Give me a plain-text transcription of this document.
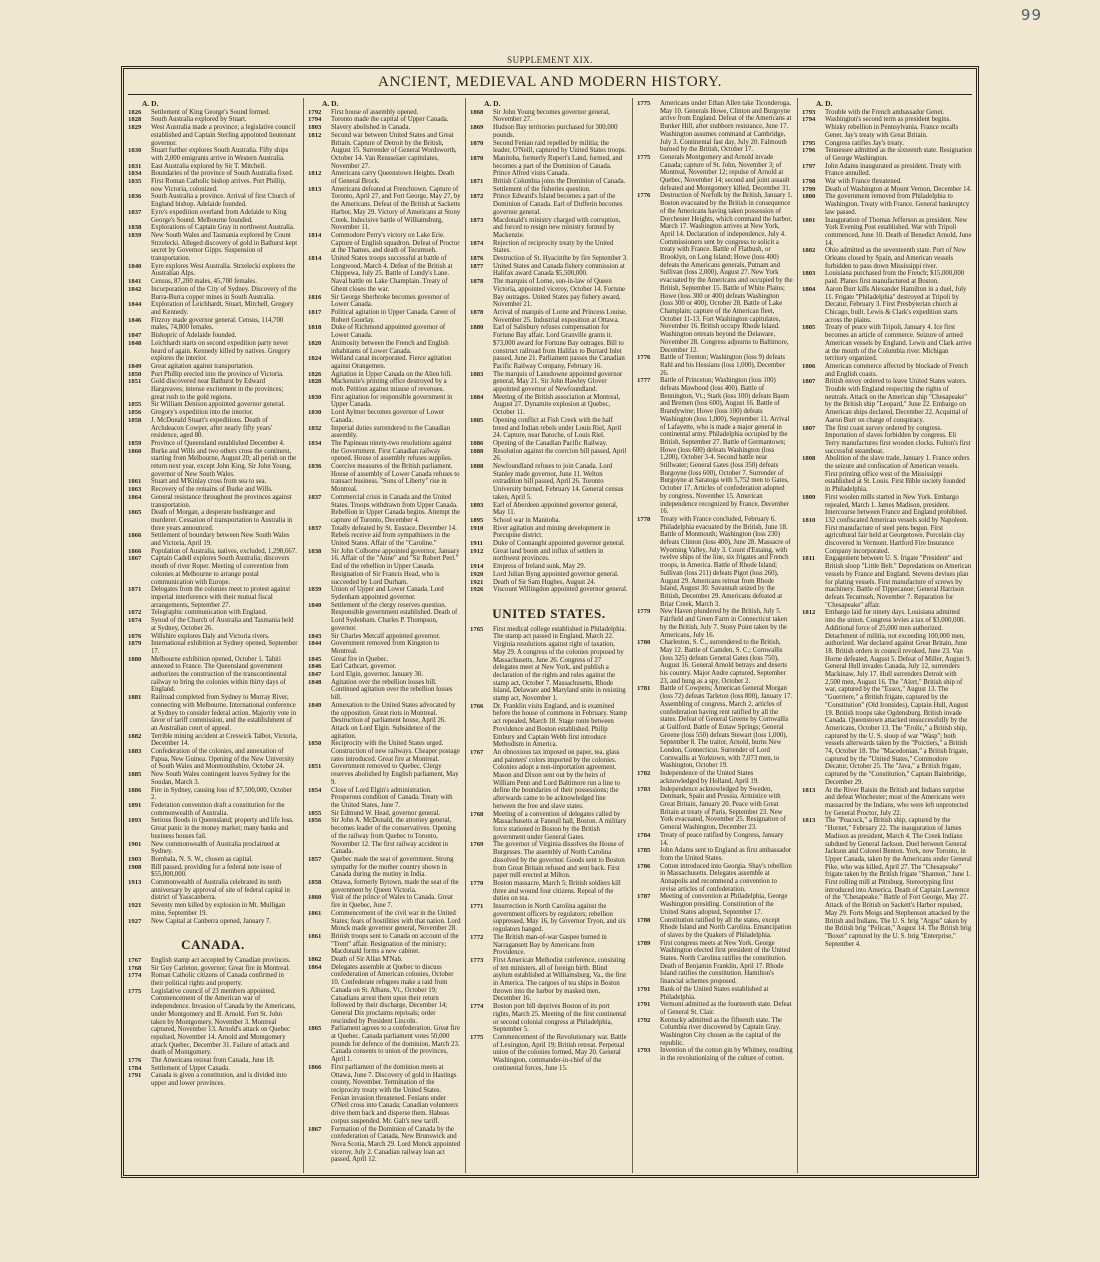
99
SUPPLEMENT XIX.
ANCIENT, MEDIEVAL AND MODERN HISTORY.
A. D.
1826	Settlement of King George's Sound formed.
1828	South Australia explored by Stuart.
1829	West Australia made a province; a legislative council established and Captain Sterling appointed lieutenant governor.
1830	Stuart further explores South Australia. Fifty ships with 2,000 emigrants arrive in Western Australia.
1831	East Australia explored by Sir T. Mitchell.
1834	Boundaries of the province of South Australia fixed.
1835	First Roman Catholic bishop arrives. Port Phillip, now Victoria, colonized.
1836	South Australia a province. Arrival of first Church of England bishop. Adelaide founded.
1837	Eyre's expedition overland from Adelaide to King George's Sound. Melbourne founded.
1838	Explorations of Captain Gray in northwest Australia.
1839	New South Wales and Tasmania explored by Count Strzelecki. Alleged discovery of gold in Bathurst kept secret by Governor Gipps. Suspension of transportation.
1840	Eyre explores West Australia. Strzelecki explores the Australian Alps.
1841	Census, 87,200 males, 45,700 females.
1842	Incorporation of the City of Sydney. Discovery of the Burra-Burra copper mines in South Australia.
1844	Exploration of Leichhardt, Stuart, Mitchell, Gregory and Kennedy.
1846	Fitzroy made governor general. Census, 114,700 males, 74,800 females.
1847	Bishopric of Adelaide founded.
1848	Leichhardt starts on second expedition party never heard of again. Kennedy killed by natives. Gregory explores the interior.
1849	Great agitation against transportation.
1850	Port Phillip erected into the province of Victoria.
1851	Gold discovered near Bathurst by Edward Hargreaves; intense excitement in the provinces; great rush to the gold regions.
1855	Sir William Denison appointed governor general.
1856	Gregory's expedition into the interior.
1858	J. McDonald Stuart's expeditions. Death of Archdeacon Cowper, after nearly fifty years' residence, aged 80.
1859	Province of Queensland established December 4.
1860	Burke and Wills and two others cross the continent, starting from Melbourne, August 20; all perish on the return next year, except John King. Sir John Young, governor of New South Wales.
1861	Stuart and M'Kinlay cross from sea to sea.
1863	Recovery of the remains of Burke and Wills.
1864	General resistance throughout the provinces against transportation.
1865	Death of Morgan, a desperate bushranger and murderer. Cessation of transportation to Australia in three years announced.
1866	Settlement of boundary between New South Wales and Victoria, April 19.
1866	Population of Australia, natives, excluded, 1,298,667.
1867	Captain Cadell explores South Australia; discovers mouth of river Roper. Meeting of convention from colonies at Melbourne to arrange postal communication with Europe.
1871	Delegates from the colonies meet to protest against imperial interference with their mutual fiscal arrangements, September 27.
1872	Telegraphic communication with England.
1874	Synod of the Church of Australia and Tasmania held at Sydney, October 26.
1876	Willshire explores Daly and Victoria rivers.
1879	International exhibition at Sydney opened, September 17.
1880	Melbourne exhibition opened, October 1. Tahiti annexed to France. The Queensland government authorizes the construction of the transcontinental railway to bring the colonies within thirty days of England.
1881	Railroad completed from Sydney to Murray River, connecting with Melbourne. International conference at Sydney to consider federal action. Majority vote in favor of tariff commission, and the establishment of an Australian court of appeal.
1882	Terrible mining accident at Creswick Talbot, Victoria, December 14.
1883	Confederation of the colonies, and annexation of Papua, New Guinea. Opening of the New University of South Wales and Monmouthshire, October 24.
1885	New South Wales contingent leaves Sydney for the Soudan, March 3.
1886	Fire in Sydney, causing loss of $7,500,000, October 2.
1891	Federation convention draft a constitution for the commonwealth of Australia.
1893	Serious floods in Queensland; property and life loss. Great panic in the money market; many banks and business houses fail.
1901	New commonwealth of Australia proclaimed at Sydney.
1903	Bombala, N. S. W., chosen as capital.
1908	Bill passed, providing for a federal note issue of $55,000,000.
1913	Commonwealth of Australia celebrated its tenth anniversary by approval of site of federal capital in district of Yasscanberra.
1921	Seventy men killed by explosion in Mt. Mulligan mine, September 19.
1927	New Capital at Canberra opened, January 7.
CANADA.
1767	English stamp act accepted by Canadian provinces.
1768	Sir Guy Carleton, governor. Great fire in Montreal.
1774	Roman Catholic citizens of Canada confirmed in their political rights and property.
1775	Legislative council of 23 members appointed. Commencement of the American war of independence. Invasion of Canada by the Americans, under Montgomery and B. Arnold. Fort St. John taken by Montgomery, November 3. Montreal captured, November 13. Arnold's attack on Quebec repulsed, November 14. Arnold and Montgomery attack Quebec, December 31. Failure of attack and death of Montgomery.
1776	The Americans retreat from Canada, June 18.
1784	Settlement of Upper Canada.
1791	Canada is given a constitution, and is divided into upper and lower provinces.
A. D.
1792	First house of assembly opened.
1794	Toronto made the capital of Upper Canada.
1803	Slavery abolished in Canada.
1812	Second war between United States and Great Britain. Capture of Detroit by the British, August 15. Surrender of General Wordsworth, October 14. Van Rensselaer capitulates, November 27.
1812	Americans carry Queenstown Heights. Death of General Brock.
1813	Americans defeated at Frenchtown. Capture of Toronto, April 27, and Fort George, May 27, by the Americans. Defeat of the British at Sacketts Harbor, May 29. Victory of Americans at Stony Creek. Indecisive battle of Williamsburg, November 11.
1814	Commodore Perry's victory on Lake Erie. Capture of English squadron. Defeat of Proctor at the Thames, and death of Tecumseh.
1814	United States troops successful at battle of Longwood, March 4. Defeat of the British at Chippewa, July 25. Battle of Lundy's Lane. Naval battle on Lake Champlain. Treaty of Ghent closes the war.
1816	Sir George Sherbroke becomes governor of Lower Canada.
1817	Political agitation in Upper Canada. Career of Robert Gourlay.
1818	Duke of Richmond appointed governor of Lower Canada.
1820	Animosity between the French and English inhabitants of Lower Canada.
1824	Welland canal incorporated. Fierce agitation against Orangemen.
1826	Agitation in Upper Canada on the Alien bill.
1828	Mackenzie's printing office destroyed by a mob. Petition against misuse of revenues.
1830	First agitation for responsible government in Upper Canada.
1830	Lord Aylmer becomes governor of Lower Canada.
1832	Imperial duties surrendered to the Canadian assembly.
1834	The Papineau ninety-two resolutions against the Government. First Canadian railway opened. House of assembly refuses supplies.
1836	Coercive measures of the British parliament. House of assembly of Lower Canada refuses to transact business. "Sons of Liberty" rise in Montreal.
1837	Commercial crisis in Canada and the United States. Troops withdrawn from Upper Canada. Rebellion in Upper Canada begins. Attempt the capture of Toronto, December 4.
1837	Totally defeated by St. Eustace, December 14. Rebels receive aid from sympathisers in the United States. Affair of the "Caroline."
1838	Sir John Colborne appointed governor, January 16. Affair of the "Anne" and "Sir Robert Peel." End of the rebellion in Upper Canada. Resignation of Sir Francis Head, who is succeeded by Lord Durham.
1839	Union of Upper and Lower Canada. Lord Sydenham appointed governor.
1840	Settlement of the clergy reserves question. Responsible government established. Death of Lord Sydenham. Charles P. Thompson, governor.
1843	Sir Charles Metcalf appointed governor.
1844	Government removed from Kingston to Montreal.
1845	Great fire in Quebec.
1846	Earl Cathcart, governor.
1847	Lord Elgin, governor, January 30.
1848	Agitation over the rebellion losses bill. Continued agitation over the rebellion losses bill.
1849	Annexation to the United States advocated by the opposition. Great riots in Montreal. Destruction of parliament house, April 26. Attack on Lord Elgin. Subsidence of the agitation.
1850	Reciprocity with the United States urged. Construction of new railways. Cheaper postage rates introduced. Great fire at Montreal.
1851	Government removed to Quebec. Clergy reserves abolished by English parliament, May 9.
1854	Close of Lord Elgin's administration. Prosperous condition of Canada. Treaty with the United States, June 7.
1855	Sir Edmund W. Head, governor general.
1856	Sir John A. McDonald, the attorney general, becomes leader of the conservatives. Opening of the railway from Quebec to Toronto, November 12. The first railway accident in Canada.
1857	Quebec made the seat of government. Strong sympathy for the mother country shown in Canada during the mutiny in India.
1858	Ottawa, formerly Bytown, made the seat of the government by Queen Victoria.
1860	Visit of the prince of Wales to Canada. Great fire in Quebec, June 7.
1861	Commencement of the civil war in the United States; fears of hostilities with that nation. Lord Monck made governor general, November 28.
1861	British troops sent to Canada on account of the "Trent" affair. Resignation of the ministry; Macdonald forms a new cabinet.
1862	Death of Sir Allan M'Nab.
1864	Delegates assemble at Quebec to discuss confederation of American colonies, October 10. Confederate refugees make a raid from Canada on St. Albans, Vt., October 19; Canadians arrest them upon their return followed by their discharge, December 14; General Dix proclaims reprisals; order rescinded by President Lincoln.
1865	Parliament agrees to a confederation. Great fire at Quebec. Canada parliament votes 50,000 pounds for defence of the dominion, March 23. Canada consents to union of the provinces, April 1.
1866	First parliament of the dominion meets at Ottawa, June 7. Discovery of gold in Hastings county, November. Termination of the reciprocity treaty with the United States. Fenian invasion threatened. Fenians under O'Neil cross into Canada; Canadian volunteers drive them back and disperse them. Habeas corpus suspended. Mr. Galt's new tariff.
1867	Formation of the Dominion of Canada by the confederation of Canada, New Brunswick and Nova Scotia, March 29. Lord Monck appointed viceroy, July 2. Canadian railway loan act passed, April 12.
A. D.
1868	Sir John Young becomes governor general, November 27.
1869	Hudson Bay territories purchased for 300,000 pounds.
1870	Second Fenian raid repelled by militia; the leader, O'Neill, captured by United States troops.
1870	Manitoba, formerly Rupert's Land, formed, and becomes a part of the Dominion of Canada. Prince Alfred visits Canada.
1871	British Columbia joins the Dominion of Canada. Settlement of the fisheries question.
1872	Prince Edward's Island becomes a part of the Dominion of Canada. Earl of Dufferin becomes governor general.
1873	Macdonald's ministry charged with corruption, and forced to resign new ministry formed by Mackenzie.
1874	Rejection of reciprocity treaty by the United States.
1876	Destruction of St. Hyacinthe by fire September 3.
1877	United States and Canada fishery commission at Halifax award Canada $5,500,000.
1878	The marquis of Lorne, son-in-law of Queen Victoria, appointed viceroy, October 14. Fortune Bay outrages. United States pay fishery award, November 21.
1878	Arrival of marquis of Lorne and Princess Louise, November 25. Industrial exposition at Ottawa.
1880	Earl of Salisbury refuses compensation for Fortune Bay affair. Lord Granville grants it. $73,000 award for Fortune Bay outrages. Bill to construct railroad from Halifax to Burrard Inlet passed, June 21. Parliament passes the Canadian Pacific Railway Company, February 16.
1883	The marquis of Lansdowne appointed governor general, May 21. Sir John Hawley Glover appointed governor of Newfoundland.
1884	Meeting of the British association at Montreal, August 27. Dynamite explosion at Quebec, October 11.
1885	Opening conflict at Fish Creek with the half breed and Indian rebels under Louis Riel, April 24. Capture, near Batoche, of Louis Riel.
1886	Opening of the Canadian Pacific Railway.
1888	Resolution against the coercion bill passed, April 26.
1888	Newfoundland refuses to join Canada. Lord Stanley made governor, June 11. Welton extradition bill passed, April 26. Toronto University burned, February 14. General census taken, April 5.
1893	Earl of Aberdeen appointed governor general, May 11.
1895	School war in Manitoba.
1910	River agitation and mining development in Porcupine district.
1911	Duke of Connaught appointed governor general.
1912	Great land boom and influx of settlers in northwest provinces.
1914	Empress of Ireland sunk, May 29.
1920	Lord Julian Byng appointed governor general.
1921	Death of Sir Sam Hughes, August 24.
1926	Viscount Willingdon appointed governor general.
UNITED STATES.
1765	First medical college established in Philadelphia. The stamp act passed in England, March 22. Virginia resolutions against right of taxation, May 29. A congress of the colonies proposed by Massachusetts, June 26. Congress of 27 delegates meet at New York, and publish a declaration of the rights and rules against the stamp act, October 7. Massachusetts, Rhode Island, Delaware and Maryland unite in resisting stamp act, November 1.
1766	Dr. Franklin visits England, and is examined before the house of commons in February. Stamp act repealed, March 18. Stage route between Providence and Boston established. Philip Embury and Captain Webb first introduce Methodism in America.
1767	An obnoxious tax imposed on paper, tea, glass and painters' colors imported by the colonies. Colonies adopt a non-importation agreement. Mason and Dixon sent out by the heirs of William Penn and Lord Baltimore run a line to define the boundaries of their possessions; the afterwards came to be acknowledged line between the free and slave states.
1768	Meeting of a convention of delegates called by Massachusetts at Faneuil hall, Boston. A military force stationed in Boston by the British government under General Gates.
1769	The governor of Virginia dissolves the House of Burgesses. The assembly of North Carolina dissolved by the governor. Goods sent to Boston from Great Britain refused and sent back. First paper mill erected at Milton.
1770	Boston massacre, March 5; British soldiers kill three and wound four citizens. Repeal of the duties on tea.
1771	Insurrection in North Carolina against the government officers by regulators; rebellion suppressed, May 16, by Governor Tryon, and six regulators hanged.
1772	The British man-of-war Gaspee burned in Narragansett Bay by Americans from Providence.
1773	First American Methodist conference, consisting of ten ministers, all of foreign birth. Blind asylum established at Williamsburg, Va., the first in America. The cargoes of tea ships in Boston thrown into the harbor by masked men, December 16.
1774	Boston port bill deprives Boston of its port rights, March 25. Meeting of the first continental or second colonial congress at Philadelphia, September 5.
1775	Commencement of the Revolutionary war. Battle of Lexington, April 19; British retreat. Perpetual union of the colonies formed, May 20. General Washington, commander-in-chief of the continental forces, June 15.
1775	Americans under Ethan Allen take Ticonderoga, May 10. Generals Howe, Clinton and Burgoyne arrive from England. Defeat of the Americans at Bunker Hill, after stubborn resistance, June 17. Washington assumes command at Cambridge, July 3. Continental fast day, July 20. Falmouth burned by the British, October 17.
1775	Generals Montgomery and Arnold invade Canada; capture of St. John, November 3; of Montreal, November 12; repulse of Arnold at Quebec, November 14; second and joint assault defeated and Montgomery killed, December 31.
1776	Destruction of Norfolk by the British, January 1. Boston evacuated by the British in consequence of the Americans having taken possession of Dorchester Heights, which command the harbor, March 17. Washington arrives at New York, April 14. Declaration of independence, July 4. Commissioners sent by congress to solicit a treaty with France. Battle of Flatbush, or Brooklyn, on Long Island; Howe (loss 400) defeats the Americans generals, Putnam and Sullivan (loss 2,000), August 27. New York evacuated by the Americans and occupied by the British, September 15. Battle of White Plains; Howe (loss 300 or 400) defeats Washington (loss 300 or 400), October 28. Battle of Lake Champlain; capture of the American fleet, October 11-13. Fort Washington capitulates, November 16. British occupy Rhode Island. Washington retreats beyond the Delaware, November 28. Congress adjourns to Baltimore, December 12.
1776	Battle of Trenton; Washington (loss 9) defeats Rahl and his Hessians (loss 1,000), December 26.
1777	Battle of Princeton; Washington (loss 100) defeats Mawhood (loss 400). Battle of Bennington, Vt.; Stark (loss 100) defeats Baum and Bremen (loss 600), August 16. Battle of Brandywine; Howe (loss 100) defeats Washington (loss 1,000), September 11. Arrival of Lafayette, who is made a major general in continental army. Philadelphia occupied by the British, September 27. Battle of Germantown; Howe (loss 600) defeats Washington (loss 1,200), October 3-4. Second battle near Stillwater; General Gates (loss 350) defeats Burgoyne (loss 600), October 7. Surrender of Burgoyne at Saratoga with 5,752 men to Gates, October 17. Articles of confederation adopted by congress, November 15. American independence recognized by France, December 16.
1778	Treaty with France concluded, February 6. Philadelphia evacuated by the British, June 18. Battle of Monmouth; Washington (loss 230) defeats Clinton (loss 400), June 28. Massacre of Wyoming Valley, July 3. Count d'Estaing, with twelve ships of the line, six frigates and French troops, in America. Battle of Rhode Island; Sullivan (loss 211) defeats Pigot (loss 260), August 29. Americans retreat from Rhode Island, August 30. Savannah seized by the British, December 29. Americans defeated at Briar Creek, March 3.
1779	New Haven plundered by the British, July 5. Fairfield and Green Farm in Connecticut taken by the British, July 7. Stony Point taken by the Americans, July 16.
1780	Charleston, S. C., surrendered to the British, May 12. Battle of Camden, S. C.; Cornwallis (loss 325) defeats General Gates (loss 750), August 16. General Arnold betrays and deserts his country. Major Andre captured, September 23, and hung as a spy, October 2.
1781	Battle of Cowpens; American General Morgan (loss 72) defeats Tarleton (loss 800), January 17. Assembling of congress, March 2, articles of confederation having rent ratified by all the states. Defeat of General Greene by Cornwallis at Guilford. Battle of Eutaw Springs; General Greene (loss 550) defeats Stewart (loss 1,000), September 8. The traitor, Arnold, burns New London, Connecticut. Surrender of Lord Cornwallis at Yorktown, with 7,073 men, to Washington, October 19.
1782	Independence of the United States acknowledged by Holland, April 19.
1783	Independence acknowledged by Sweden, Denmark, Spain and Prussia. Armistice with Great Britain, January 20. Peace with Great Britain at treaty of Paris, September 23. New York evacuated, November 25. Resignation of General Washington, December 23.
1784	Treaty of peace ratified by Congress, January 14.
1785	John Adams sent to England as first ambassador from the United States.
1786	Cotton introduced into Georgia. Shay's rebellion in Massachusetts. Delegates assemble at Annapolis and recommend a convention to revise articles of confederation.
1787	Meeting of convention at Philadelphia, George Washington presiding. Constitution of the United States adopted, September 17.
1788	Constitution ratified by all the states, except Rhode Island and North Carolina. Emancipation of slaves by the Quakers of Philadelphia.
1789	First congress meets at New York. George Washington elected first president of the United States. North Carolina ratifies the constitution. Death of Benjamin Franklin, April 17. Rhode Island ratifies the constitution. Hamilton's financial schemes proposed.
1791	Bank of the United States established at Philadelphia.
1791	Vermont admitted as the fourteenth state. Defeat of General St. Clair.
1792	Kentucky admitted as the fifteenth state. The Columbia river discovered by Captain Gray. Washington City chosen as the capital of the republic.
1793	Invention of the cotton gin by Whitney, resulting in the revolutionizing of the culture of cotton.
A. D.
1793	Trouble with the French ambassador Genet.
1794	Washington's second term as president begins. Whisky rebellion in Pennsylvania. France recalls Genet. Jay's treaty with Great Britain.
1795	Congress ratifies Jay's treaty.
1796	Tennessee admitted as the sixteenth state. Resignation of George Washington.
1797	John Adams inaugurated as president. Treaty with France annulled.
1798	War with France threatened.
1799	Death of Washington at Mount Vernon, December 14.
1800	The government removed from Philadelphia to Washington. Treaty with France. General bankruptcy law passed.
1801	Inauguration of Thomas Jefferson as president. New York Evening Post established. War with Tripoli commenced, June 10. Death of Benedict Arnold, June 14.
1802	Ohio admitted as the seventeenth state. Port of New Orleans closed by Spain, and American vessels forbidden to pass down Mississippi river.
1803	Louisiana purchased from the French; $15,000,000 paid. Planes first manufactured at Boston.
1804	Aaron Burr kills Alexander Hamilton in a duel, July 11. Frigate "Philadelphia" destroyed at Tripoli by Decatur, February 3. First Presbyterian church at Chicago, built. Lewis & Clark's expedition starts across the plains.
1805	Treaty of peace with Tripoli, January 4. Ice first becomes an article of commerce. Seizure of armed American vessels by England. Lewis and Clark arrive at the mouth of the Columbia river. Michigan territory organized.
1806	American commerce affected by blockade of French and English coasts.
1807	British envoy ordered to leave United States waters. Trouble with England respecting the rights of neutrals. Attack on the American ship "Chesapeake" by the British ship "Leopard," June 22. Embargo on American ships declared, December 22. Acquittal of Aaron Burr on charge of conspiracy.
1807	The first coast survey ordered by congress. Importation of slaves forbidden by congress. Eli Terry manufactures first wooden clocks. Fulton's first successful steamboat.
1808	Abolition of the slave trade, January 1. France orders the seizure and confiscation of American vessels. First printing office west of the Mississippi established at St. Louis. First Bible society founded in Philadelphia.
1809	First woolen mills started in New York. Embargo repealed, March 1. James Madison, president. Intercourse between France and England prohibited.
1810	132 confiscated American vessels sold by Napoleon. First manufacture of steel pens begun. First agricultural fair held at Georgetown. Porcelain clay discovered in Vermont. Hartford Fire Insurance Company incorporated.
1811	Engagement between U. S. frigate "President" and British sloop "Little Belt." Depredations on American vessels by France and England. Stevens devises plan for plating vessels. First manufacture of screws by machinery. Battle of Tippecanoe; General Harrison defeats Tecumseh, November 7. Reparation for "Chesapeake" affair.
1812	Embargo laid for ninety days. Louisiana admitted into the union. Congress levies a tax of $3,000,000. Additional force of 25,000 men authorized. Detachment of militia, not exceeding 100,000 men, authorized. War declared against Great Britain, June 18. British orders in council revoked, June 23. Van Horne defeated, August 5. Defeat of Miller, August 9. General Hull invades Canada, July 12, surrenders Mackinaw, July 17. Hull surrenders Detroit with 2,500 men, August 16. The "Alert," British ship of war, captured by the "Essex," August 13. The "Guerriere," a British frigate, captured by the "Constitution" (Old Ironsides), Captain Hull, August 19. British troops take Ogdensburg. British invade Canada. Queenstown attacked unsuccessfully by the Americans, October 13. The "Frolic," a British ship, captured by the U. S. sloop of war "Wasp"; both vessels afterwards taken by the "Poictiers," a British 74, October 18. The "Macedonian," a British frigate, captured by the "United States," Commodore Decatur, October 25. The "Java," a British frigate, captured by the "Constitution," Captain Bainbridge, December 29.
1813	At the River Raisin the British and Indians surprise and defeat Winchester; most of the Americans were massacred by the Indians, who were left unprotected by General Proctor, July 22.
1813	The "Peacock," a British ship, captured by the "Hornet," February 22. The inauguration of James Madison as president, March 4. The Creek Indians subdued by General Jackson. Duel between General Jackson and Colonel Benton. York, now Toronto, in Upper Canada, taken by the Americans under General Pike, who was killed, April 27. The "Chesapeake" frigate taken by the British frigate "Shannon," June 1. First rolling mill at Pittsburg. Stereotyping first introduced into America. Death of Captain Lawrence of the "Chesapeake." Battle of Fort George, May 27. Attack of the British on Sackett's Harbor repulsed, May 29. Forts Meigs and Stephenson attacked by the British and Indians. The U. S. brig "Argus" taken by the British brig "Pelican," August 14. The British brig "Boxer" captured by the U. S. brig "Enterprise," September 4.
